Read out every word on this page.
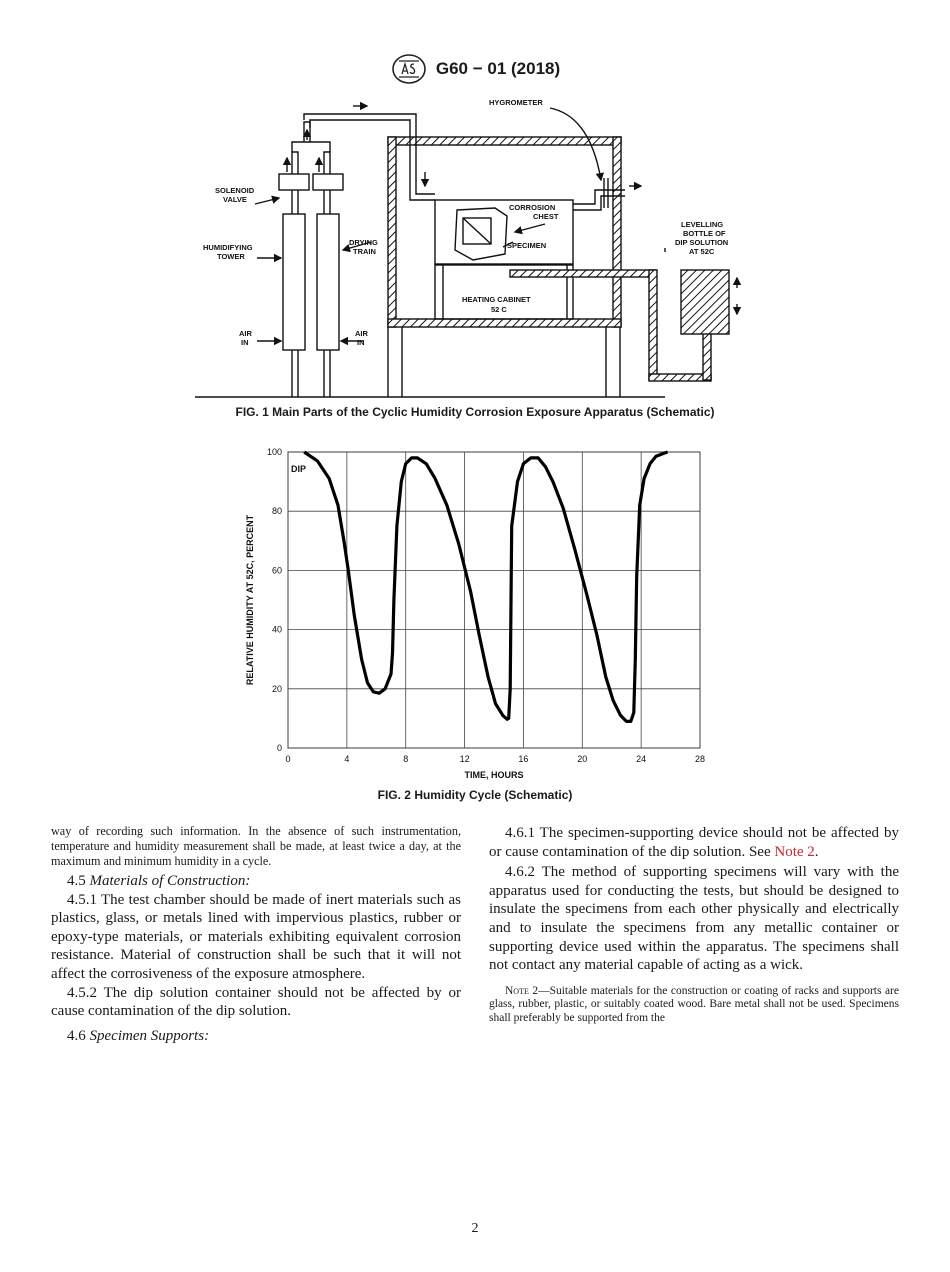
G60 − 01 (2018)
HYGROMETER
SOLENOID
VALVE
HUMIDIFYING
TOWER
DRYING
TRAIN
AIR
IN
AIR
IN
CORROSION
CHEST
SPECIMEN
HEATING CABINET
52 C
LEVELLING
BOTTLE OF
DIP SOLUTION
AT 52C
FIG. 1 Main Parts of the Cyclic Humidity Corrosion Exposure Apparatus (Schematic)
0	4	8	12	16	20	24	28
0
20
40
60
80
100
DIP
TIME, HOURS
RELATIVE HUMIDITY AT 52C, PERCENT
FIG. 2 Humidity Cycle (Schematic)

way of recording such information. In the absence of such instrumentation, temperature and humidity measurement shall be made, at least twice a day, at the maximum and minimum humidity in a cycle.

4.5 Materials of Construction:

4.5.1 The test chamber should be made of inert materials such as plastics, glass, or metals lined with impervious plastics, rubber or epoxy-type materials, or materials exhibiting equivalent corrosion resistance. Material of construction shall be such that it will not affect the corrosiveness of the exposure atmosphere.

4.5.2 The dip solution container should not be affected by or cause contamination of the dip solution.

4.6 Specimen Supports:

4.6.1 The specimen-supporting device should not be affected by or cause contamination of the dip solution. See Note 2.

4.6.2 The method of supporting specimens will vary with the apparatus used for conducting the tests, but should be designed to insulate the specimens from each other physically and electrically and to insulate the specimens from any metallic container or supporting device used within the apparatus. The specimens shall not contact any material capable of acting as a wick.

Note 2—Suitable materials for the construction or coating of racks and supports are glass, rubber, plastic, or suitably coated wood. Bare metal shall not be used. Specimens shall preferably be supported from the

2
